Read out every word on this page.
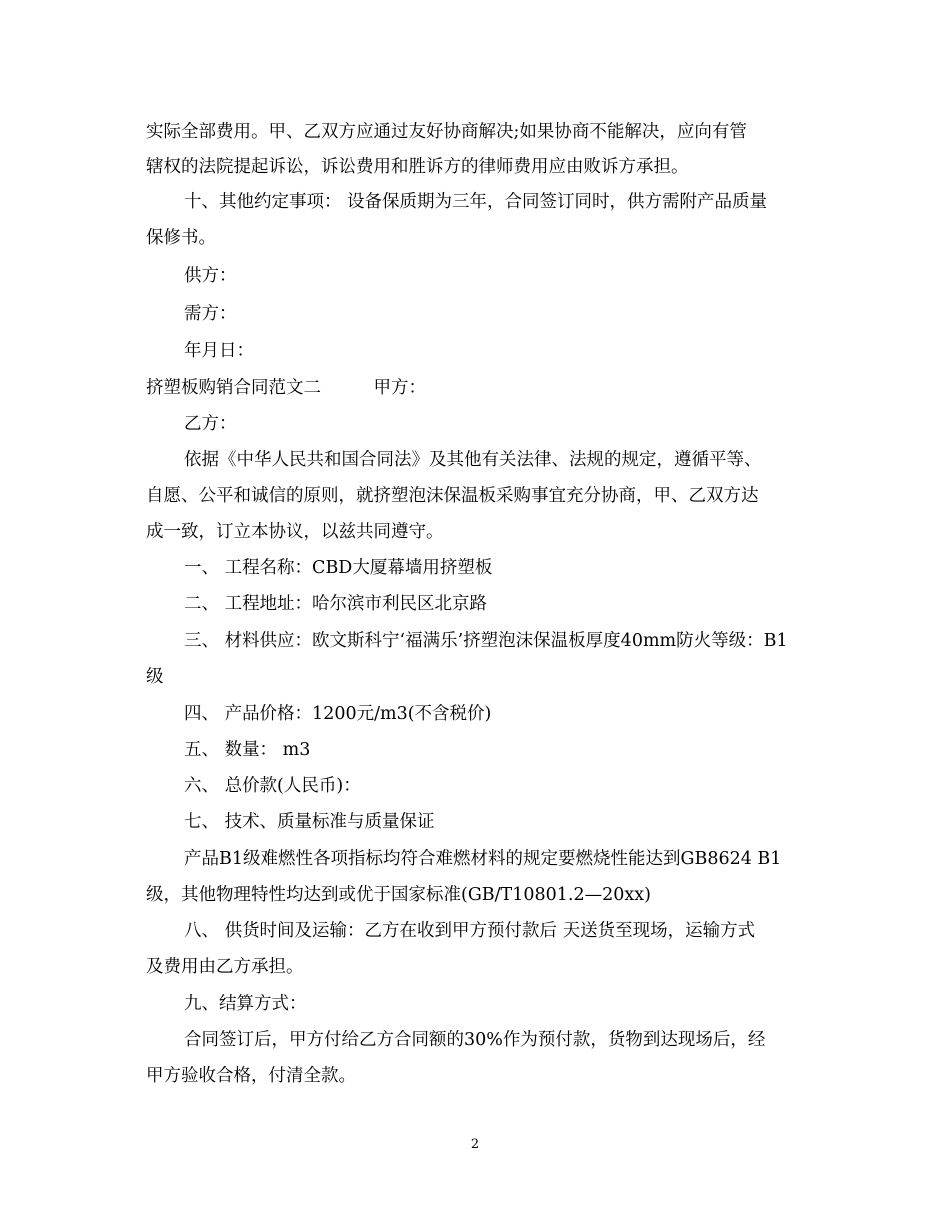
实际全部费用。甲、乙双方应通过友好协商解决;如果协商不能解决，应向有管
辖权的法院提起诉讼，诉讼费用和胜诉方的律师费用应由败诉方承担。
十、其他约定事项： 设备保质期为三年，合同签订同时，供方需附产品质量
保修书。
供方：
需方：
年月日：
挤塑板购销合同范文二　　　甲方：
乙方：
依据《中华人民共和国合同法》及其他有关法律、法规的规定，遵循平等、
自愿、公平和诚信的原则，就挤塑泡沫保温板采购事宜充分协商，甲、乙双方达
成一致，订立本协议，以兹共同遵守。
一、 工程名称：CBD大厦幕墙用挤塑板
二、 工程地址：哈尔滨市利民区北京路
三、 材料供应：欧文斯科宁‘福满乐’挤塑泡沫保温板厚度40mm防火等级：B1
级
四、 产品价格：1200元/m3(不含税价)
五、 数量： m3
六、 总价款(人民币)：
七、 技术、质量标准与质量保证
产品B1级难燃性各项指标均符合难燃材料的规定要燃烧性能达到GB8624 B1
级，其他物理特性均达到或优于国家标准(GB/T10801.2—20xx)
八、 供货时间及运输：乙方在收到甲方预付款后 天送货至现场，运输方式
及费用由乙方承担。
九、结算方式：
合同签订后，甲方付给乙方合同额的30%作为预付款，货物到达现场后，经
甲方验收合格，付清全款。
2
